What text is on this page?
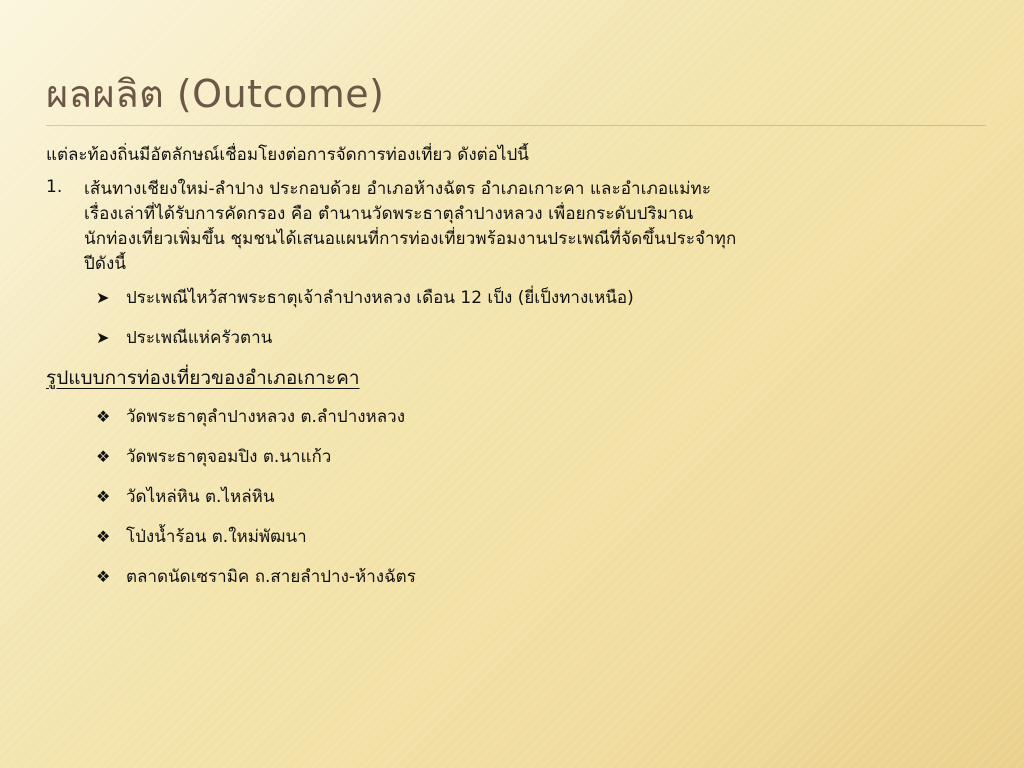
ผลผลิต (Outcome)
แต่ละท้องถิ่นมีอัตลักษณ์เชื่อมโยงต่อการจัดการท่องเที่ยว ดังต่อไปนี้
1.	เส้นทางเชียงใหม่-ลำปาง ประกอบด้วย อำเภอห้างฉัตร อำเภอเกาะคา และอำเภอแม่ทะ
เรื่องเล่าที่ได้รับการคัดกรอง คือ ตำนานวัดพระธาตุลำปางหลวง เพื่อยกระดับปริมาณ
นักท่องเที่ยวเพิ่มขึ้น ชุมชนได้เสนอแผนที่การท่องเที่ยวพร้อมงานประเพณีที่จัดขึ้นประจำทุก
ปีดังนี้
➤ ประเพณีไหว้สาพระธาตุเจ้าลำปางหลวง เดือน 12 เป็ง (ยี่เป็งทางเหนือ)
➤ ประเพณีแห่ครัวตาน
รูปแบบการท่องเที่ยวของอำเภอเกาะคา
❖ วัดพระธาตุลำปางหลวง ต.ลำปางหลวง
❖ วัดพระธาตุจอมปิง ต.นาแก้ว
❖ วัดไหล่หิน ต.ไหล่หิน
❖ โป่งน้ำร้อน ต.ใหม่พัฒนา
❖ ตลาดนัดเซรามิค ถ.สายลำปาง-ห้างฉัตร
